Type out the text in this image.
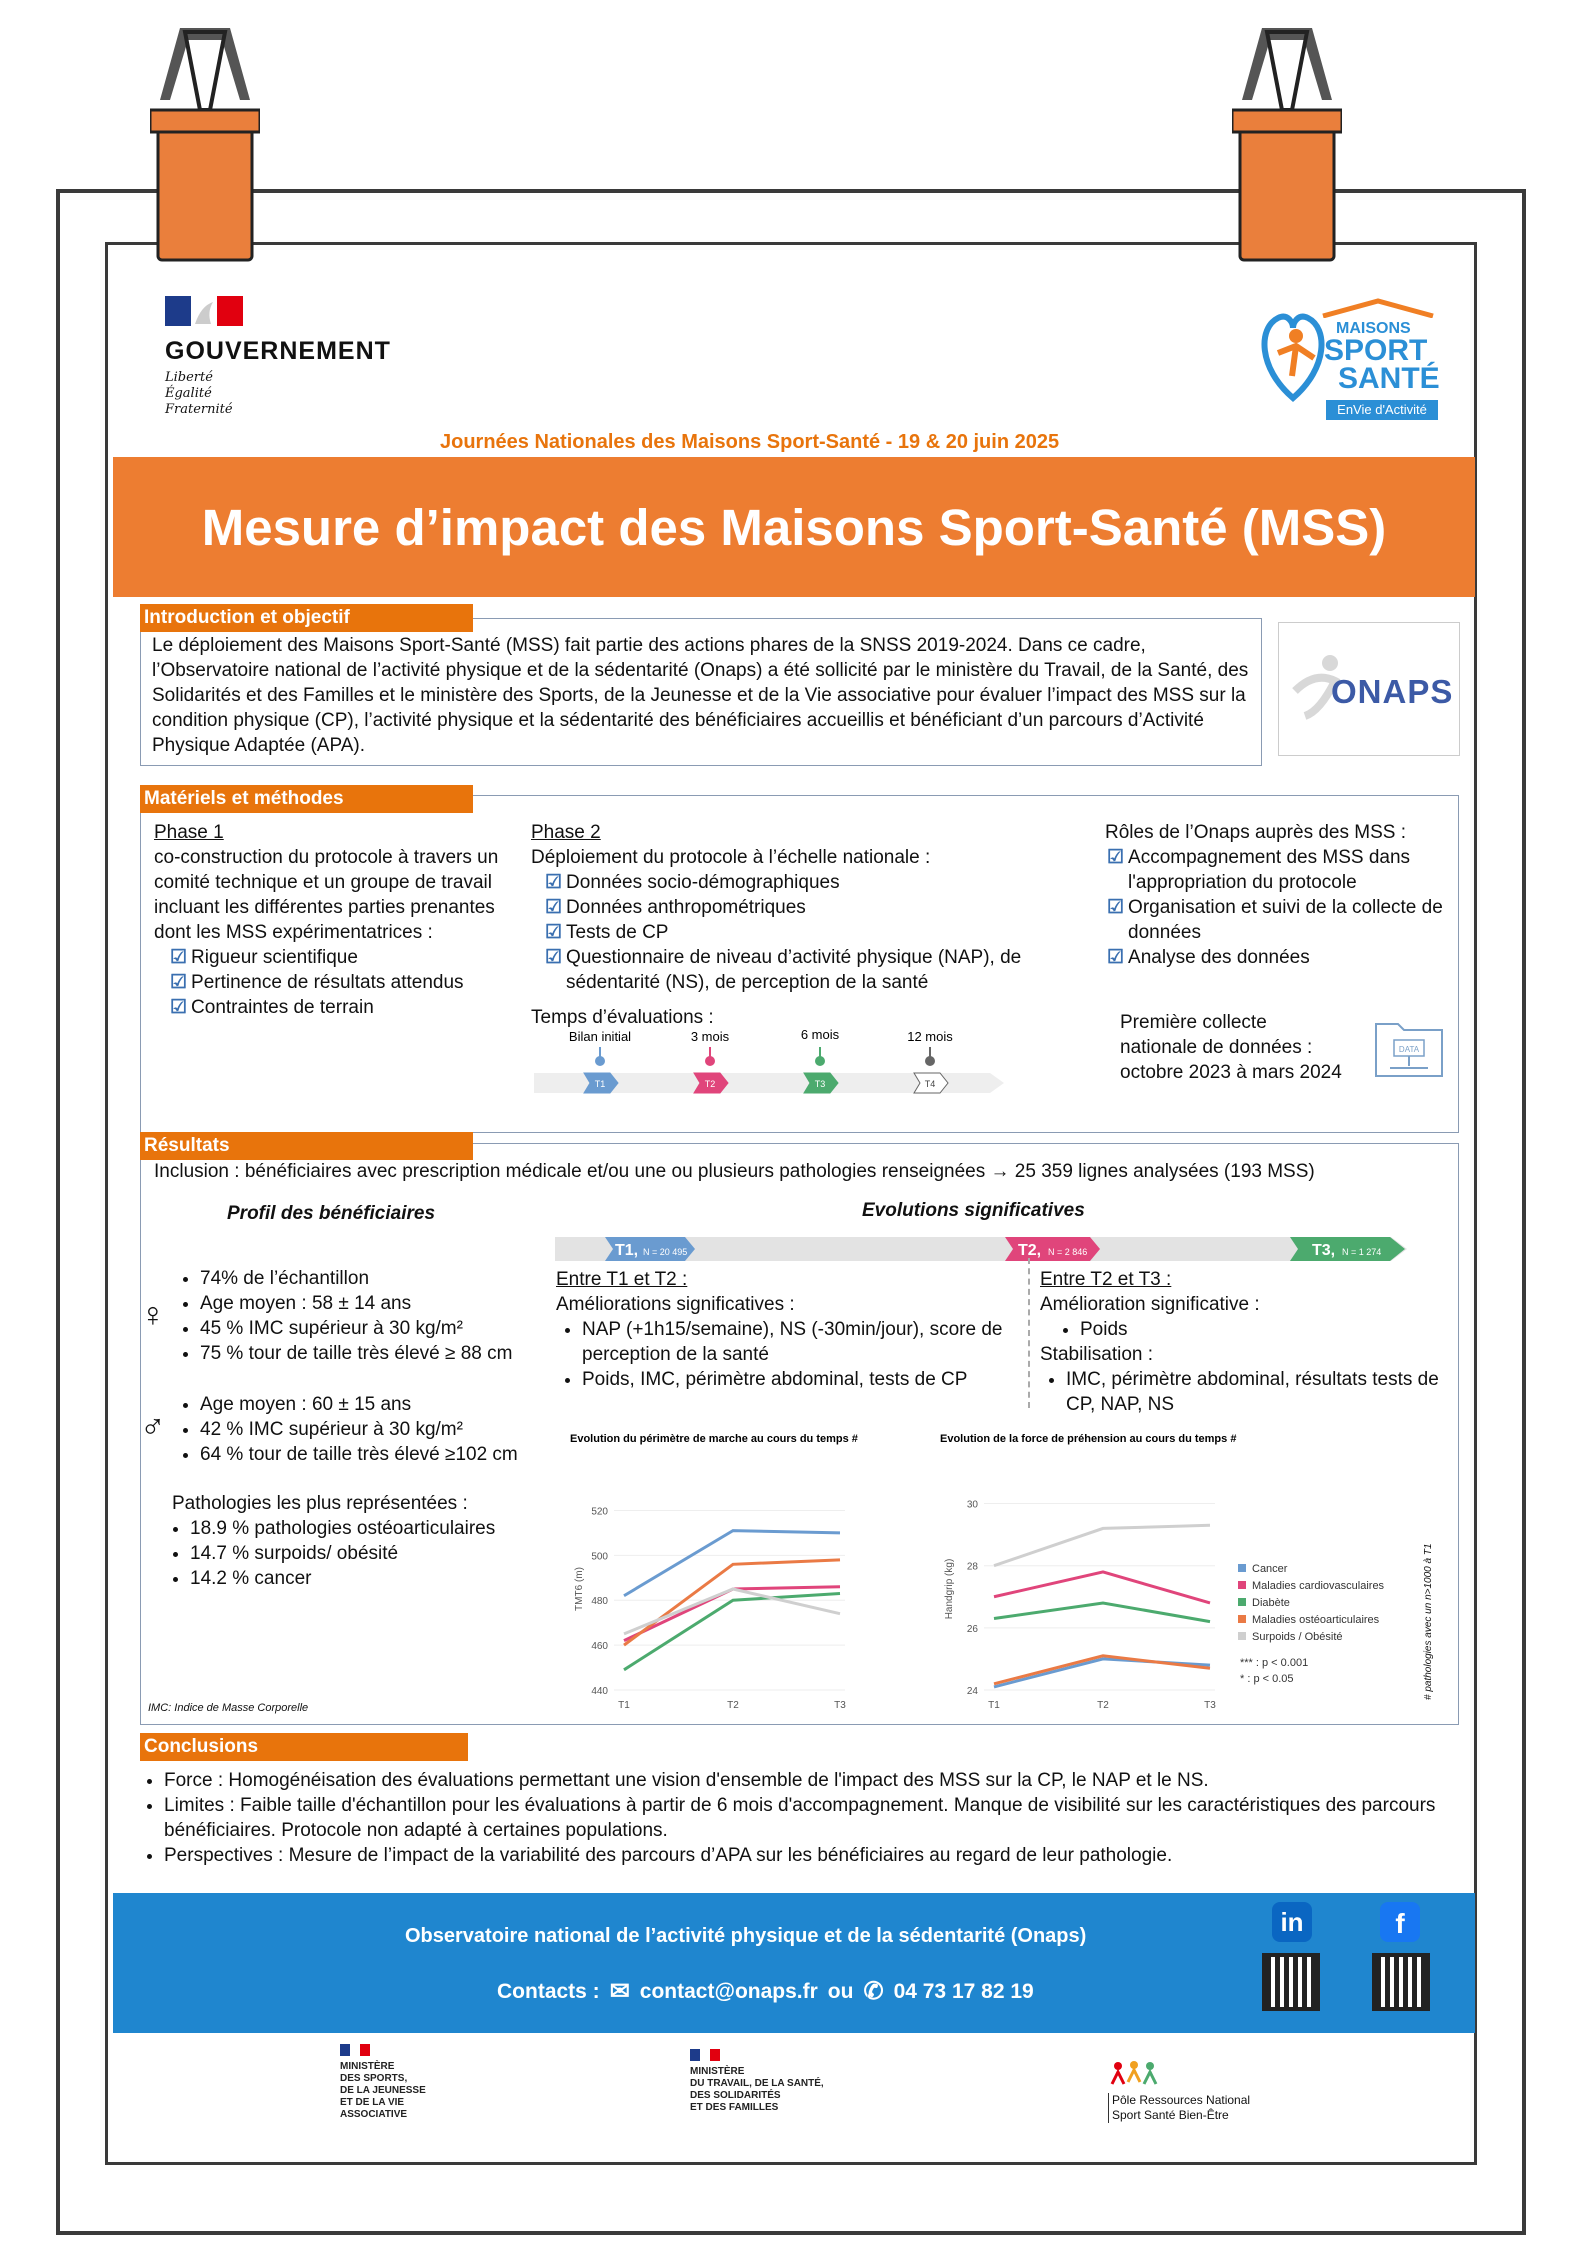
GOUVERNEMENT
Liberté
Égalité
Fraternité
MAISONS
SPORT
SANTÉ
EnVie d'Activité
Journées Nationales des Maisons Sport-Santé - 19 & 20 juin 2025
Mesure d’impact des Maisons Sport-Santé (MSS)
Introduction et objectif
Le déploiement des Maisons Sport-Santé (MSS) fait partie des actions phares de la SNSS 2019-2024. Dans ce cadre, l’Observatoire national de l’activité physique et de la sédentarité (Onaps) a été sollicité par le ministère du Travail, de la Santé, des Solidarités et des Familles et le ministère des Sports, de la Jeunesse et de la Vie associative pour évaluer l’impact des MSS sur la condition physique (CP), l’activité physique et la sédentarité des bénéficiaires accueillis et bénéficiant d’un parcours d’Activité Physique Adaptée (APA).
ONAPS
Matériels et méthodes
Phase 1
co-construction du protocole à travers un comité technique et un groupe de travail incluant les différentes parties prenantes dont les MSS expérimentatrices :
☑ Rigueur scientifique
☑ Pertinence de résultats attendus
☑ Contraintes de terrain
Phase 2
Déploiement du protocole à l’échelle nationale :
☑ Données socio-démographiques
☑ Données anthropométriques
☑ Tests de CP
☑ Questionnaire de niveau d’activité physique (NAP), de sédentarité (NS), de perception de la santé
Temps d’évaluations :
Bilan initial
T1
3 mois
T2
6 mois
T3
12 mois
T4
Rôles de l’Onaps auprès des MSS :
☑ Accompagnement des MSS dans l'appropriation du protocole
☑ Organisation et suivi de la collecte de données
☑ Analyse des données
Première collecte
nationale de données :
octobre 2023 à mars 2024
DATA
Résultats
Inclusion : bénéficiaires avec prescription médicale et/ou une ou plusieurs pathologies renseignées → 25 359 lignes analysées (193 MSS)
Profil des bénéficiaires
♀
• 74% de l’échantillon
• Age moyen : 58 ± 14 ans
• 45 % IMC supérieur à 30 kg/m²
• 75 % tour de taille très élevé ≥ 88 cm
♂
• Age moyen : 60 ± 15 ans
• 42 % IMC supérieur à 30 kg/m²
• 64 % tour de taille très élevé ≥102 cm
Pathologies les plus représentées :
• 18.9 % pathologies ostéoarticulaires
• 14.7 % surpoids/ obésité
• 14.2 % cancer
IMC: Indice de Masse Corporelle
Evolutions significatives
T1, N = 20 495	T2, N = 2 846	T3, N = 1 274
Entre T1 et T2 :
Améliorations significatives :
• NAP (+1h15/semaine), NS (-30min/jour), score de perception de la santé
• Poids, IMC, périmètre abdominal, tests de CP
Entre T2 et T3 :
Amélioration significative :
• Poids
Stabilisation :
• IMC, périmètre abdominal, résultats tests de CP, NAP, NS
Evolution du périmètre de marche au cours du temps #
440
460
480
500
520
TMT6 (m)
T1	T2	T3
Evolution de la force de préhension au cours du temps #
24
26
28
30
Handgrip (kg)
T1	T2	T3
Cancer
Maladies cardiovasculaires
Diabète
Maladies ostéoarticulaires
Surpoids / Obésité
*** : p < 0.001
* : p < 0.05	# pathologies avec un n>1000 à T1
Conclusions
• Force : Homogénéisation des évaluations permettant une vision d'ensemble de l'impact des MSS sur la CP, le NAP et le NS.
• Limites : Faible taille d'échantillon pour les évaluations à partir de 6 mois d'accompagnement. Manque de visibilité sur les caractéristiques des parcours bénéficiaires. Protocole non adapté à certaines populations.
• Perspectives : Mesure de l’impact de la variabilité des parcours d’APA sur les bénéficiaires au regard de leur pathologie.
Observatoire national de l’activité physique et de la sédentarité (Onaps)
Contacts : ✉ contact@onaps.fr ou ✆ 04 73 17 82 19
in	f
MINISTÈRE
DES SPORTS,
DE LA JEUNESSE
ET DE LA VIE
ASSOCIATIVE
MINISTÈRE
DU TRAVAIL, DE LA SANTÉ,
DES SOLIDARITÉS
ET DES FAMILLES
Pôle Ressources National
Sport Santé Bien-Être
